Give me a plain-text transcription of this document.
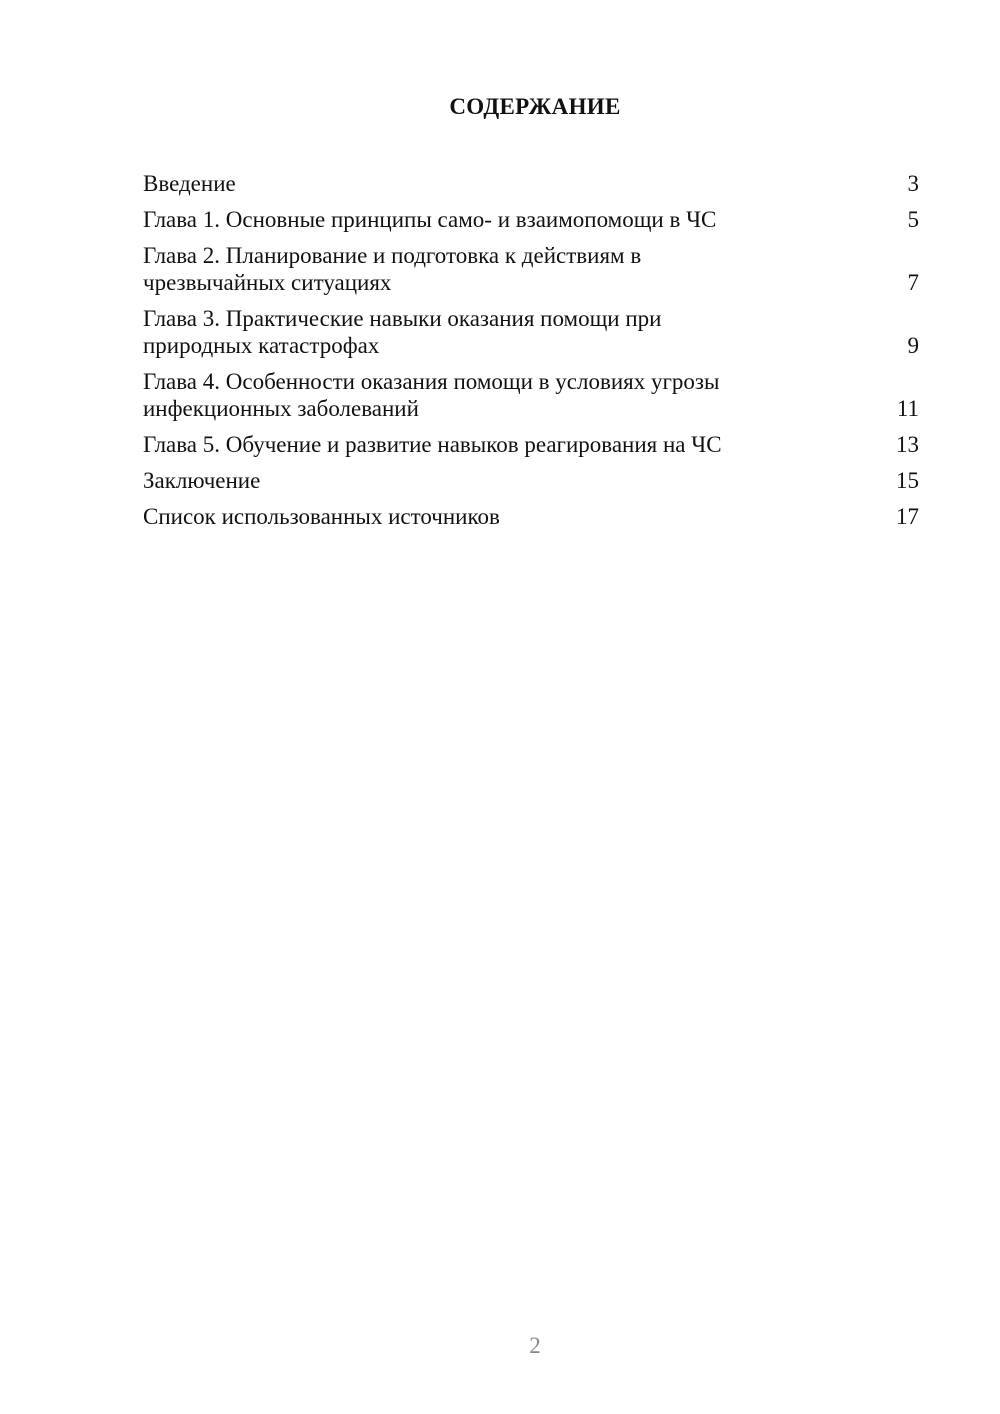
СОДЕРЖАНИЕ
Введение	3
Глава 1. Основные принципы само- и взаимопомощи в ЧС	5
Глава 2. Планирование и подготовка к действиям в чрезвычайных ситуациях	7
Глава 3. Практические навыки оказания помощи при природных катастрофах	9
Глава 4. Особенности оказания помощи в условиях угрозы инфекционных заболеваний	11
Глава 5. Обучение и развитие навыков реагирования на ЧС	13
Заключение	15
Список использованных источников	17
2
